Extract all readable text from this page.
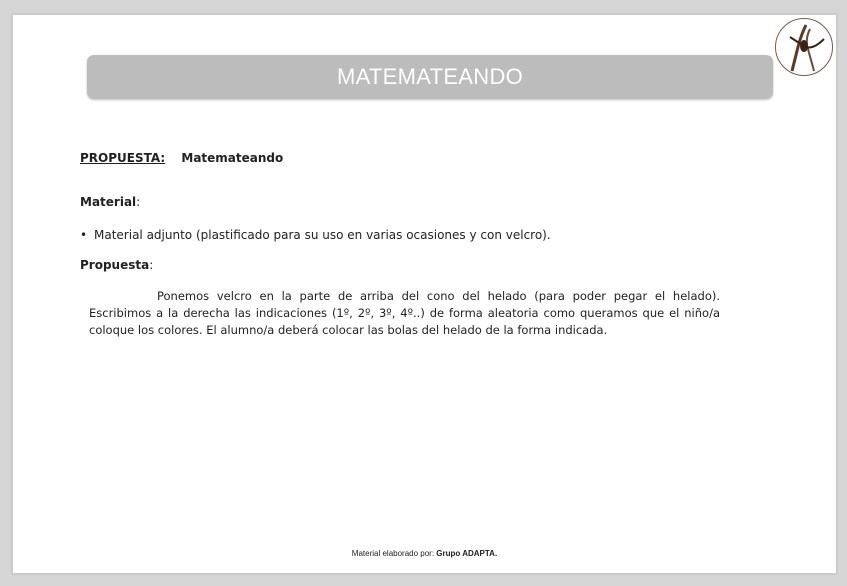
MATEMATEANDO
PROPUESTA: Matemateando
Material:
• Material adjunto (plastificado para su uso en varias ocasiones y con velcro).
Propuesta:
Ponemos velcro en la parte de arriba del cono del helado (para poder pegar el helado). Escribimos a la derecha las indicaciones (1º, 2º, 3º, 4º..) de forma aleatoria como queramos que el niño/a coloque los colores. El alumno/a deberá colocar las bolas del helado de la forma indicada.
Material elaborado por: Grupo ADAPTA.
